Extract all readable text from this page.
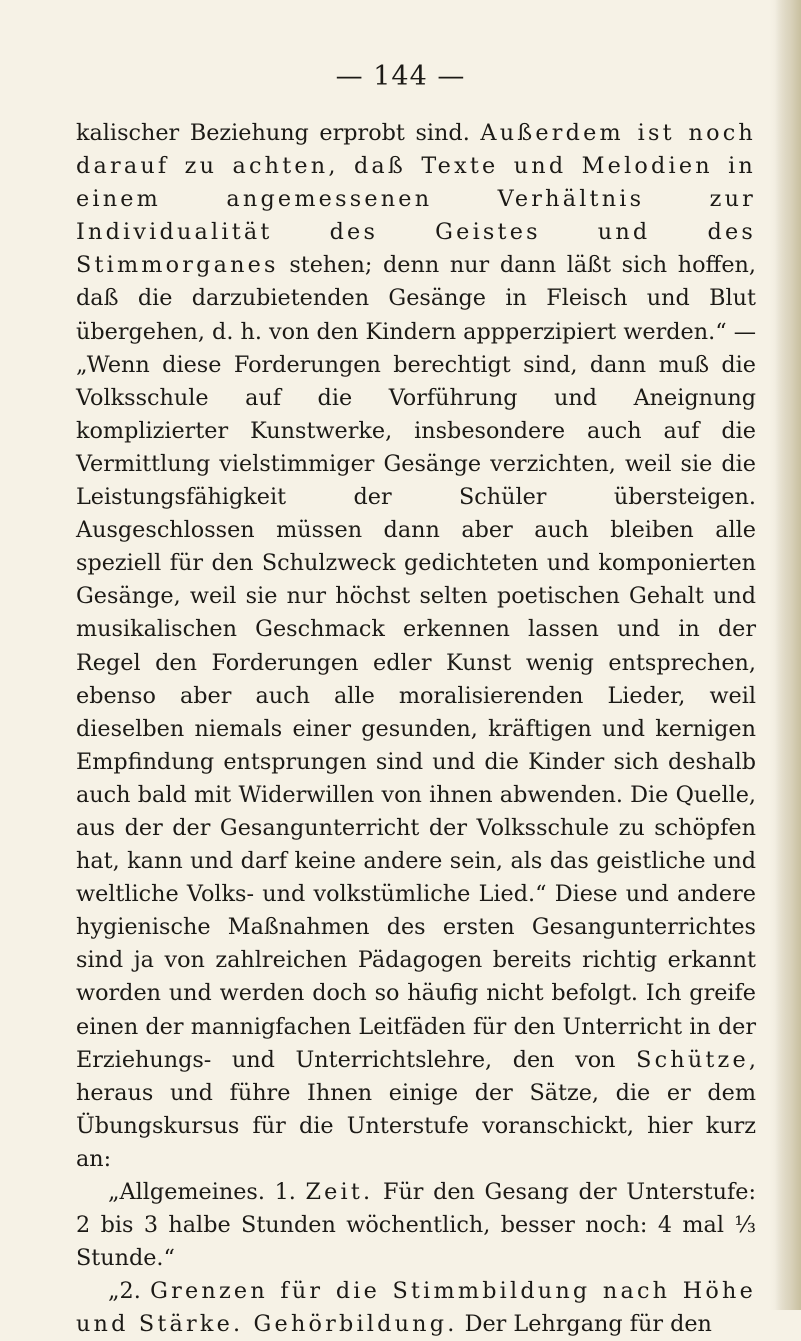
— 144 —

kalischer Beziehung erprobt sind. Außerdem ist noch darauf zu achten, daß Texte und Melodien in einem angemessenen Verhältnis zur Individualität des Geistes und des Stimmorganes stehen; denn nur dann läßt sich hoffen, daß die darzubietenden Gesänge in Fleisch und Blut übergehen, d. h. von den Kindern appperzipiert werden.“ — „Wenn diese Forderungen berechtigt sind, dann muß die Volksschule auf die Vorführung und Aneignung komplizierter Kunstwerke, insbesondere auch auf die Vermittlung vielstimmiger Gesänge verzichten, weil sie die Leistungsfähigkeit der Schüler übersteigen. Ausgeschlossen müssen dann aber auch bleiben alle speziell für den Schulzweck gedichteten und komponierten Gesänge, weil sie nur höchst selten poetischen Gehalt und musikalischen Geschmack erkennen lassen und in der Regel den Forderungen edler Kunst wenig entsprechen, ebenso aber auch alle moralisierenden Lieder, weil dieselben niemals einer gesunden, kräftigen und kernigen Empfindung entsprungen sind und die Kinder sich deshalb auch bald mit Widerwillen von ihnen abwenden. Die Quelle, aus der der Gesangunterricht der Volksschule zu schöpfen hat, kann und darf keine andere sein, als das geistliche und weltliche Volks- und volkstümliche Lied.“ Diese und andere hygienische Maßnahmen des ersten Gesangunterrichtes sind ja von zahlreichen Pädagogen bereits richtig erkannt worden und werden doch so häufig nicht befolgt. Ich greife einen der mannigfachen Leitfäden für den Unterricht in der Erziehungs- und Unterrichtslehre, den von Schütze, heraus und führe Ihnen einige der Sätze, die er dem Übungskursus für die Unterstufe voranschickt, hier kurz an:

„Allgemeines. 1. Zeit. Für den Gesang der Unterstufe: 2 bis 3 halbe Stunden wöchentlich, besser noch: 4 mal ⅓ Stunde.“

„2. Grenzen für die Stimmbildung nach Höhe und Stärke. Gehörbildung. Der Lehrgang für den
